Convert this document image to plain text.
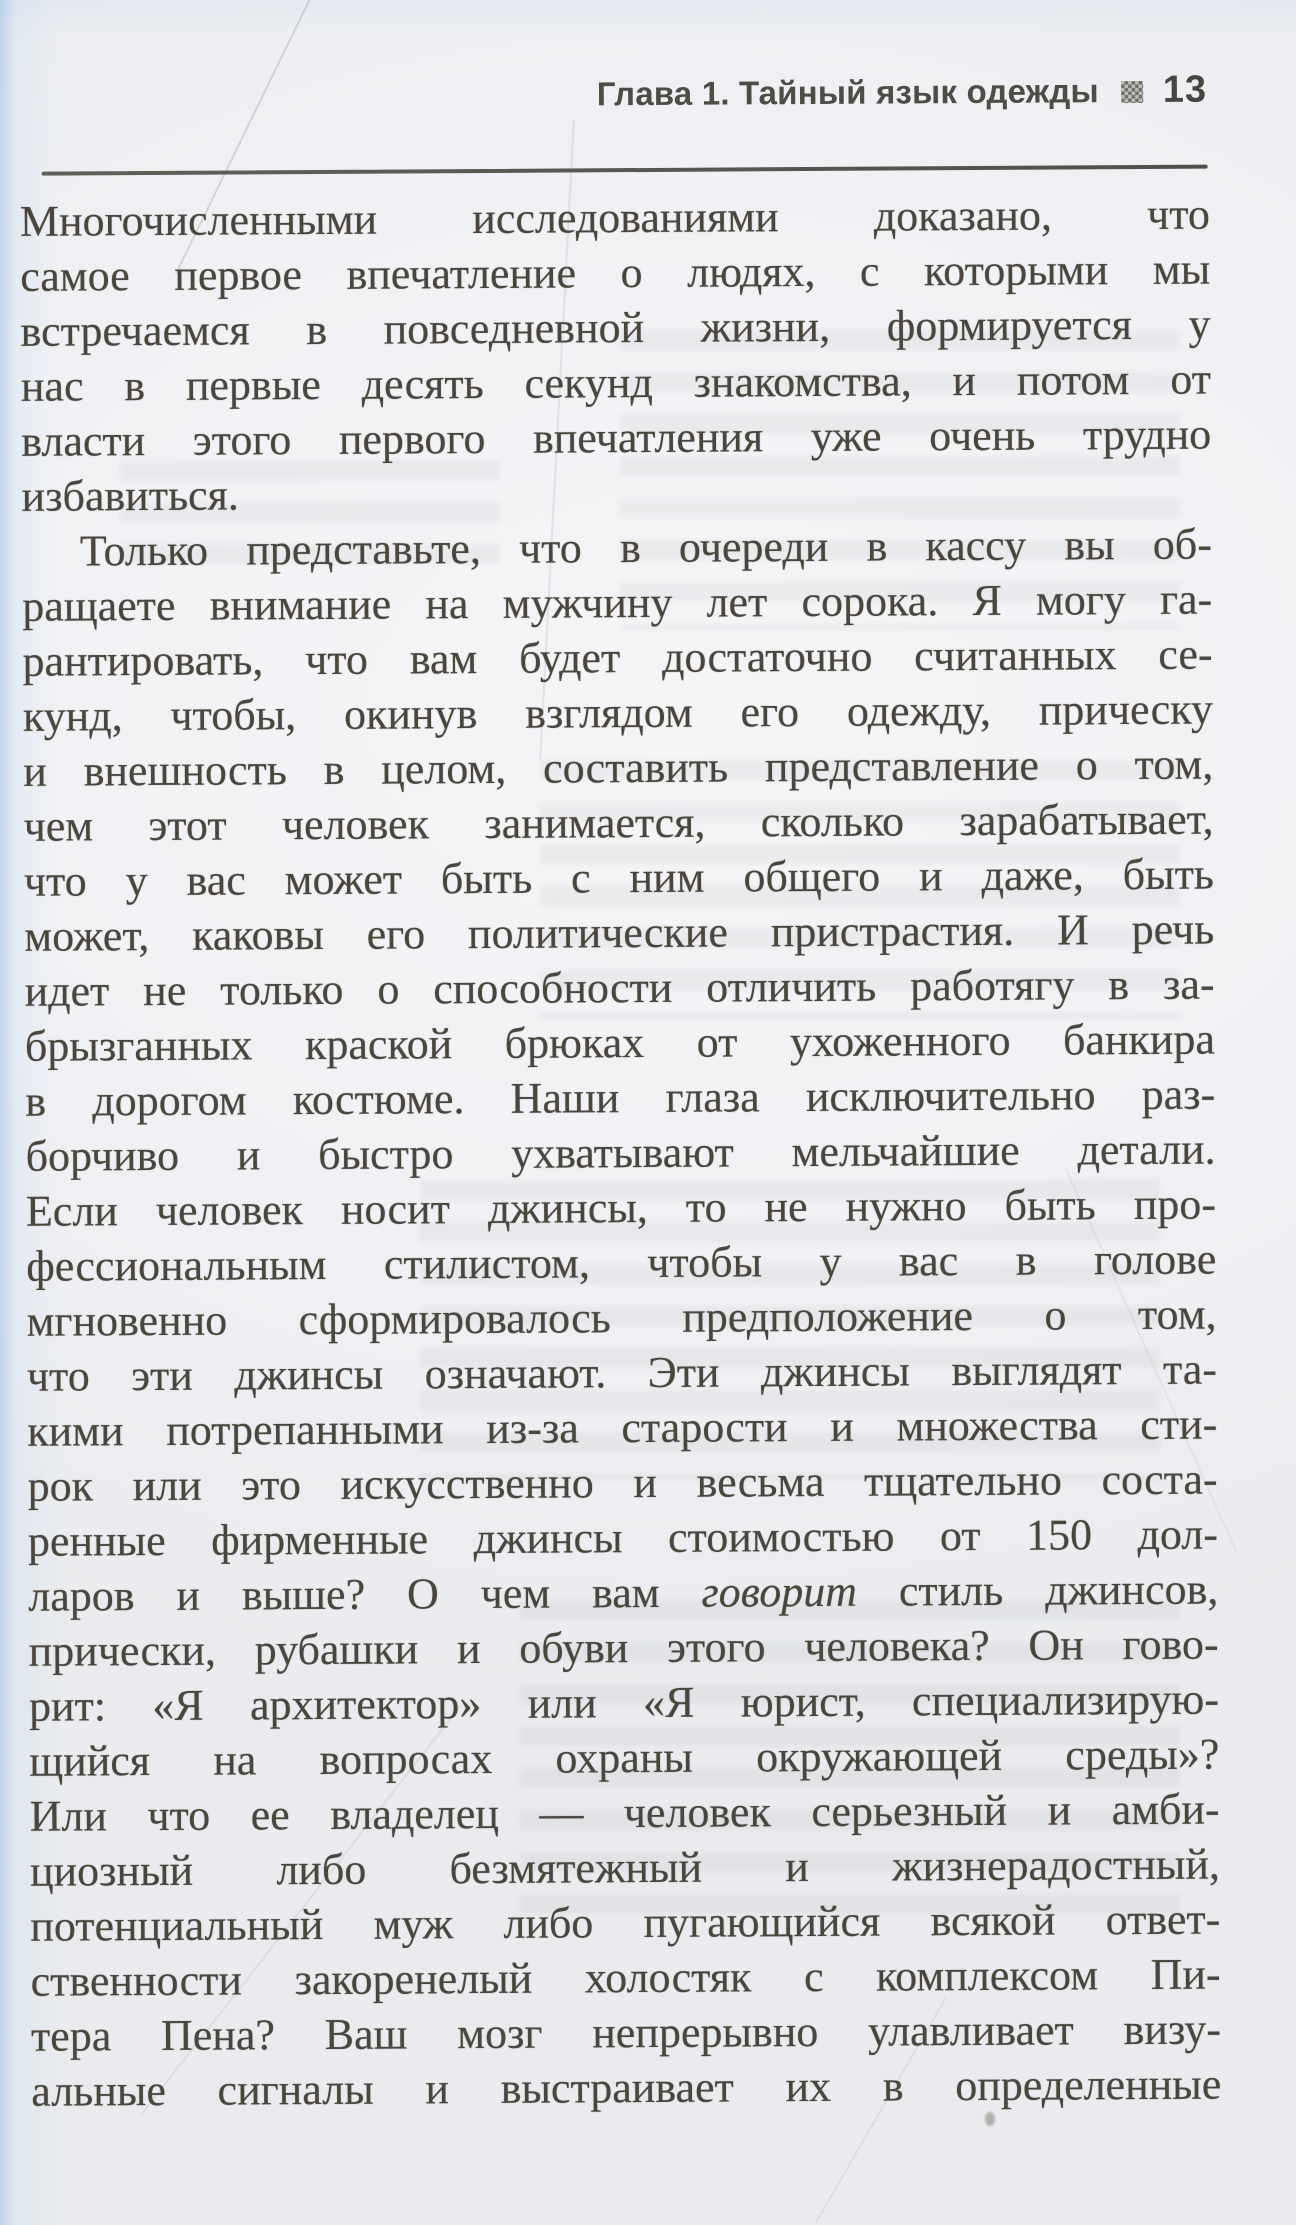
Глава 1. Тайный язык одежды 13

Многочисленными исследованиями доказано, что

самое первое впечатление о людях, с которыми мы

встречаемся в повседневной жизни, формируется у

нас в первые десять секунд знакомства, и потом от

власти этого первого впечатления уже очень трудно

избавиться.

Только представьте, что в очереди в кассу вы об-

ращаете внимание на мужчину лет сорока. Я могу га-

рантировать, что вам будет достаточно считанных се-

кунд, чтобы, окинув взглядом его одежду, прическу

и внешность в целом, составить представление о том,

чем этот человек занимается, сколько зарабатывает,

что у вас может быть с ним общего и даже, быть

может, каковы его политические пристрастия. И речь

идет не только о способности отличить работягу в за-

брызганных краской брюках от ухоженного банкира

в дорогом костюме. Наши глаза исключительно раз-

борчиво и быстро ухватывают мельчайшие детали.

Если человек носит джинсы, то не нужно быть про-

фессиональным стилистом, чтобы у вас в голове

мгновенно сформировалось предположение о том,

что эти джинсы означают. Эти джинсы выглядят та-

кими потрепанными из-за старости и множества сти-

рок или это искусственно и весьма тщательно соста-

ренные фирменные джинсы стоимостью от 150 дол-

ларов и выше? О чем вам говорит стиль джинсов,

прически, рубашки и обуви этого человека? Он гово-

рит: «Я архитектор» или «Я юрист, специализирую-

щийся на вопросах охраны окружающей среды»?

Или что ее владелец — человек серьезный и амби-

циозный либо безмятежный и жизнерадостный,

потенциальный муж либо пугающийся всякой ответ-

ственности закоренелый холостяк с комплексом Пи-

тера Пена? Ваш мозг непрерывно улавливает визу-

альные сигналы и выстраивает их в определенные
